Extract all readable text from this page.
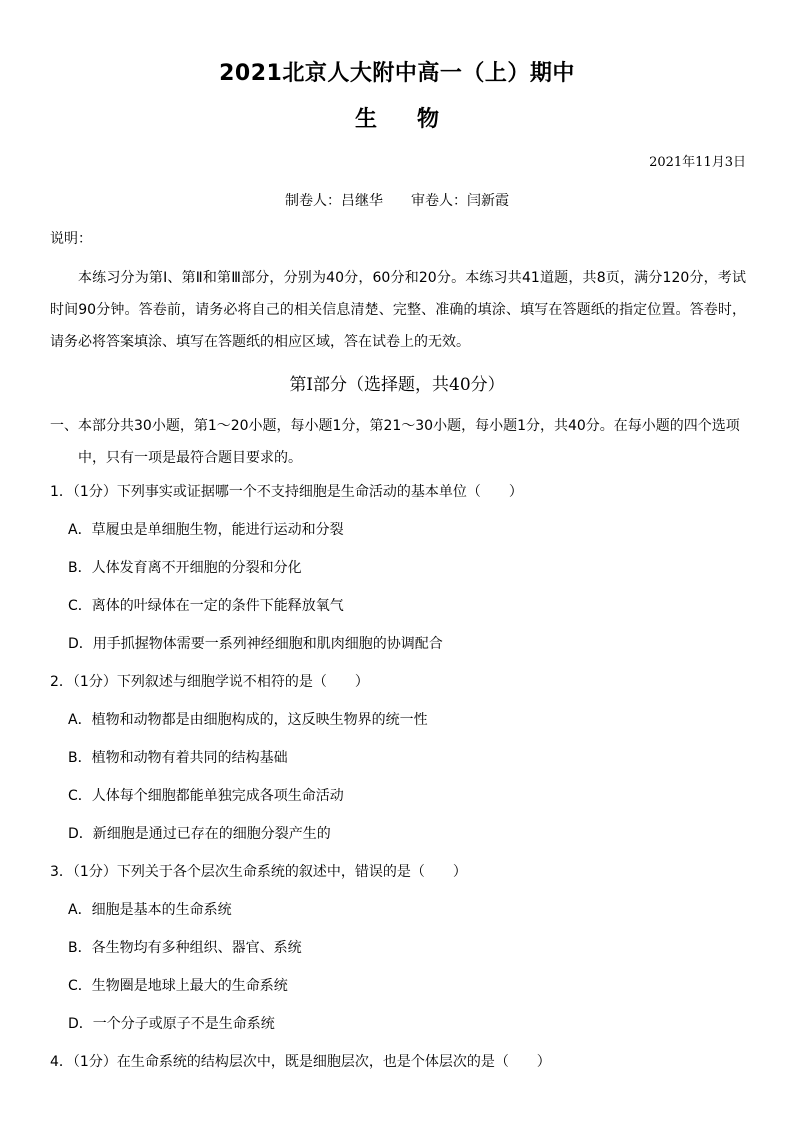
2021北京人大附中高一（上）期中
生物
2021年11月3日
制卷人：吕继华 审卷人：闫新霞
说明：
本练习分为第Ⅰ、第Ⅱ和第Ⅲ部分，分别为40分，60分和20分。本练习共41道题，共8页，满分120分，考试时间90分钟。答卷前，请务必将自己的相关信息清楚、完整、准确的填涂、填写在答题纸的指定位置。答卷时，请务必将答案填涂、填写在答题纸的相应区域，答在试卷上的无效。
第Ⅰ部分（选择题，共40分）
一、本部分共30小题，第1～20小题，每小题1分，第21～30小题，每小题1分，共40分。在每小题的四个选项中，只有一项是最符合题目要求的。
1．（1分）下列事实或证据哪一个不支持细胞是生命活动的基本单位（　　）
A．草履虫是单细胞生物，能进行运动和分裂
B．人体发育离不开细胞的分裂和分化
C．离体的叶绿体在一定的条件下能释放氧气
D．用手抓握物体需要一系列神经细胞和肌肉细胞的协调配合
2．（1分）下列叙述与细胞学说不相符的是（　　）
A．植物和动物都是由细胞构成的，这反映生物界的统一性
B．植物和动物有着共同的结构基础
C．人体每个细胞都能单独完成各项生命活动
D．新细胞是通过已存在的细胞分裂产生的
3．（1分）下列关于各个层次生命系统的叙述中，错误的是（　　）
A．细胞是基本的生命系统
B．各生物均有多种组织、器官、系统
C．生物圈是地球上最大的生命系统
D．一个分子或原子不是生命系统
4．（1分）在生命系统的结构层次中，既是细胞层次，也是个体层次的是（　　）
